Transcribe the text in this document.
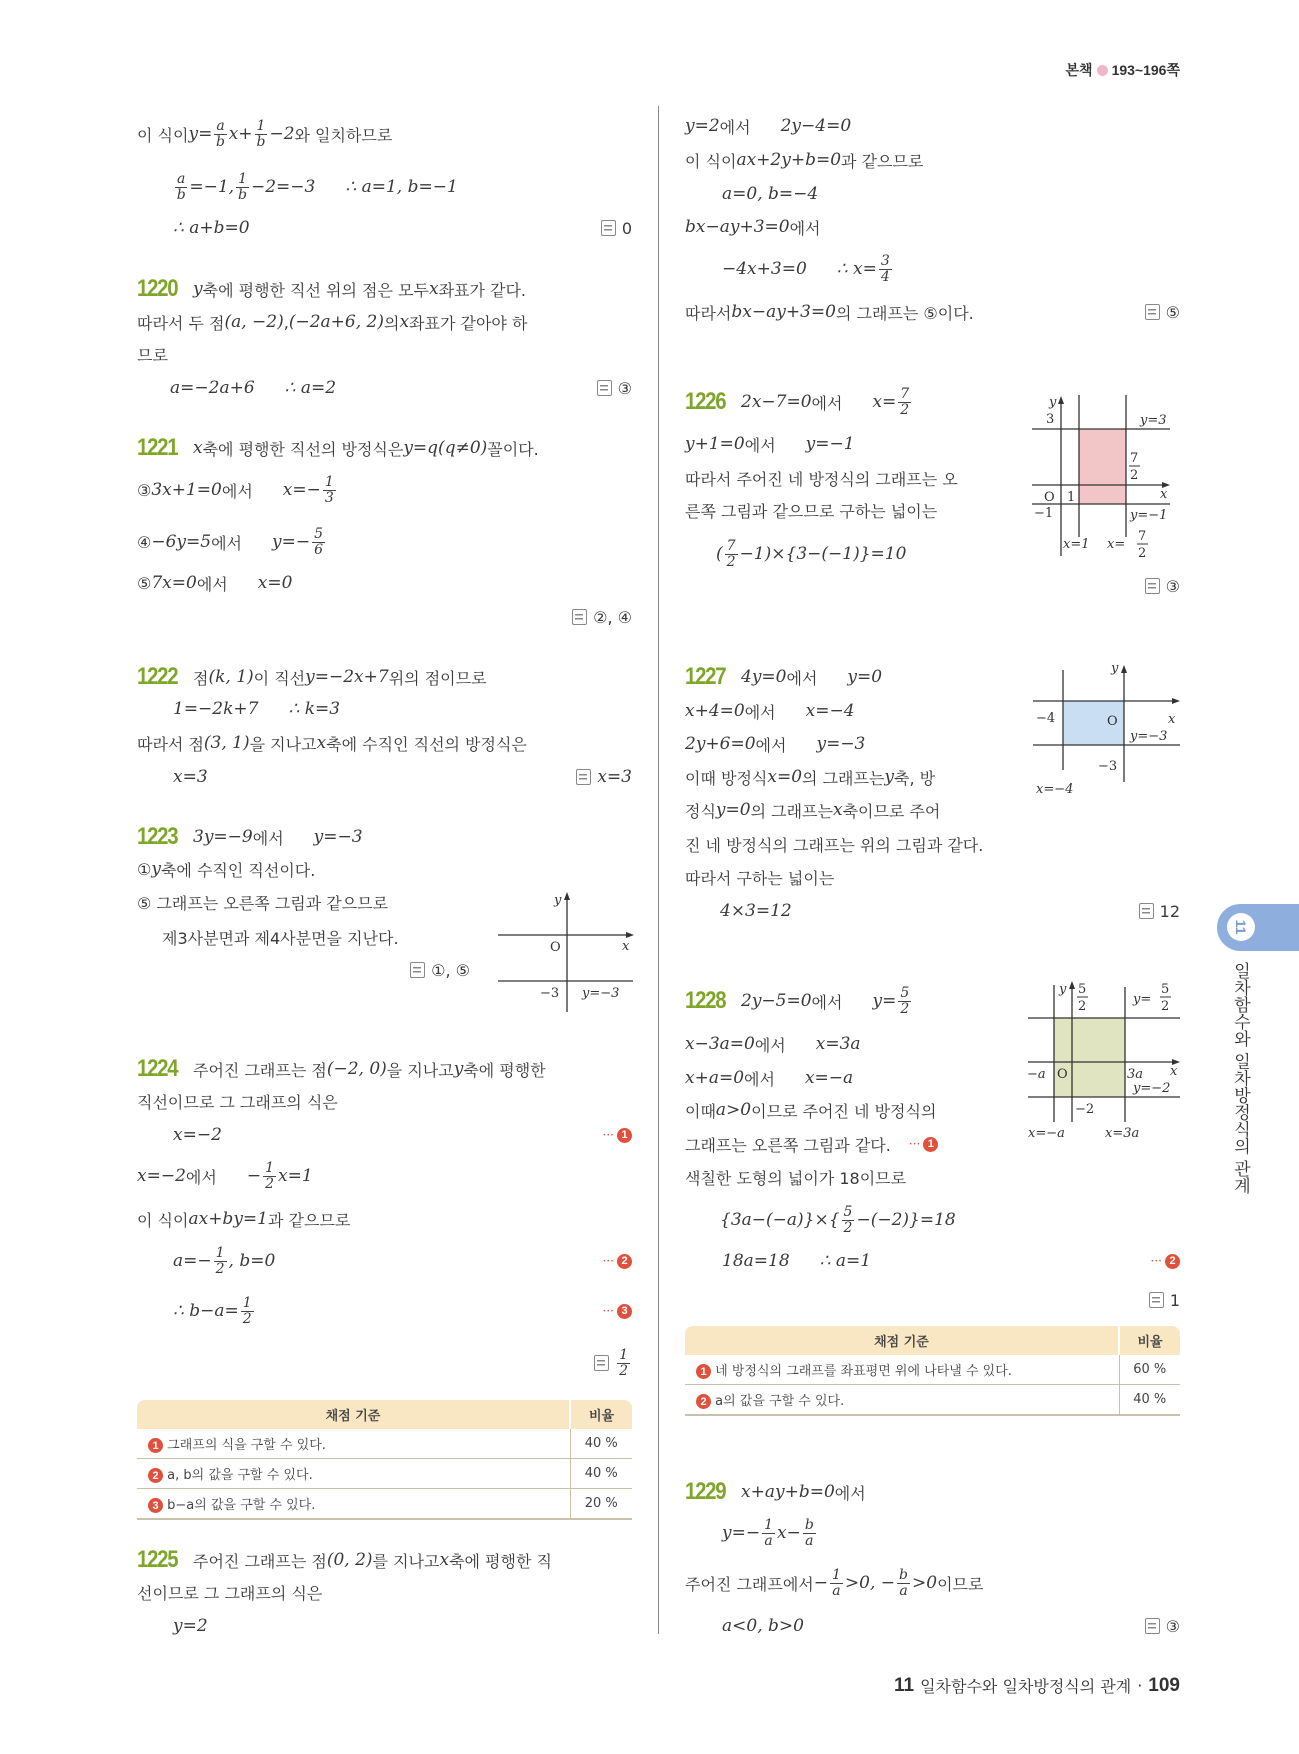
본책 193~196쪽
이 식이 $y= \frac{a}{b} x+ \frac{1}{b} -2$ 와 일치하므로
$\frac{a}{b} =-1$, $\frac{1}{b} -2=-3$ ∴ a=1, b=−1
∴ a+b=0
1220 y 축에 평행한 직선 위의 점은 모두 x 좌표가 같다.
따라서 두 점 (a, −2) , (−2a+6, 2) 의 x 좌표가 같아야 하
므로
a=−2a+6 ∴ a=2
1221 x 축에 평행한 직선의 방정식은 y=q(q≠0) 꼴이다.
③ 3x+1=0 에서 $x=- \frac{1}{3}$
④ −6y=5 에서 $y=- \frac{5}{6}$
⑤ 7x=0 에서 x=0
1222 점 (k, 1) 이 직선 y=−2x+7 위의 점이므로
1=−2k+7 ∴ k=3
따라서 점 (3, 1) 을 지나고 x 축에 수직인 직선의 방정식은
x=3
1223 3y=−9 에서 y=−3
① y 축에 수직인 직선이다.
⑤ 그래프는 오른쪽 그림과 같으므로
제3사분면과 제4사분면을 지난다.
1224 주어진 그래프는 점 (−2, 0) 을 지나고 y 축에 평행한
직선이므로 그 그래프의 식은
x=−2
x=−2 에서 − $\frac{1}{2} x=1$
이 식이 ax+by=1 과 같으므로
$a=- \frac{1}{2}$ , b=0
∴ $b-a= \frac{1}{2}$
1225 주어진 그래프는 점 (0, 2) 를 지나고 x 축에 평행한 직
선이므로 그 그래프의 식은
y=2
y=2 에서 2y−4=0
이 식이 ax+2y+b=0 과 같으므로
a=0, b=−4
bx−ay+3=0 에서
−4x+3=0 ∴ $x= \frac{3}{4}$
따라서 bx−ay+3=0 의 그래프는 ⑤이다.
1226 2x−7=0 에서 $x= \frac{7}{2}$
y+1=0 에서 y=−1
따라서 주어진 네 방정식의 그래프는 오
른쪽 그림과 같으므로 구하는 넓이는
( $\frac{7}{2} -1)\times\{3-(-1)\}=10$
1227 4y=0 에서 y=0
x+4=0 에서 x=−4
2y+6=0 에서 y=−3
이때 방정식 x=0 의 그래프는 y 축, 방
정식 y=0 의 그래프는 x 축이므로 주어
진 네 방정식의 그래프는 위의 그림과 같다.
따라서 구하는 넓이는
4×3=12
1228 2y−5=0 에서 $y= \frac{5}{2}$
x−3a=0 에서 x=3a
x+a=0 에서 x=−a
이때 a>0 이므로 주어진 네 방정식의
그래프는 오른쪽 그림과 같다. ··· 1
색칠한 도형의 넓이가 18이므로
$\{3a-(-a)\}\times\{ \frac{5}{2} -(-2)\}=18$
18a=18 ∴ a=1
1229 x+ay+b=0 에서
$y=- \frac{1}{a} x- \frac{b}{a}$
주어진 그래프에서 − $\frac{1}{a} >0$, − $\frac{b}{a} >0$ 이므로
a<0, b>0
0
③
②, ④
x=3
①, ⑤
$\frac{1}{2}$
⑤
③
12
1
③
··· 1
··· 2
··· 3
··· 2
채점 기준	비율
1 그래프의 식을 구할 수 있다.	40 %
2 a, b의 값을 구할 수 있다.	40 %
3 b−a의 값을 구할 수 있다.	20 %
채점 기준	비율
1 네 방정식의 그래프를 좌표평면 위에 나타낼 수 있다.	60 %
2 a의 값을 구할 수 있다.	40 %
y
x
O
−3 y=−3
y
3	y=3
7
2
O 1	x
−1	y=−1
x=1 x=
7
2
y
−4	O	x
y=−3
−3
x=−4
y 5
2	y=
5
2
−a O	3a x
y=−2
−2
x=−a	x=3a
11
일차함수와 일차방정식의 관계
11 일차함수와 일차방정식의 관계 · 109
